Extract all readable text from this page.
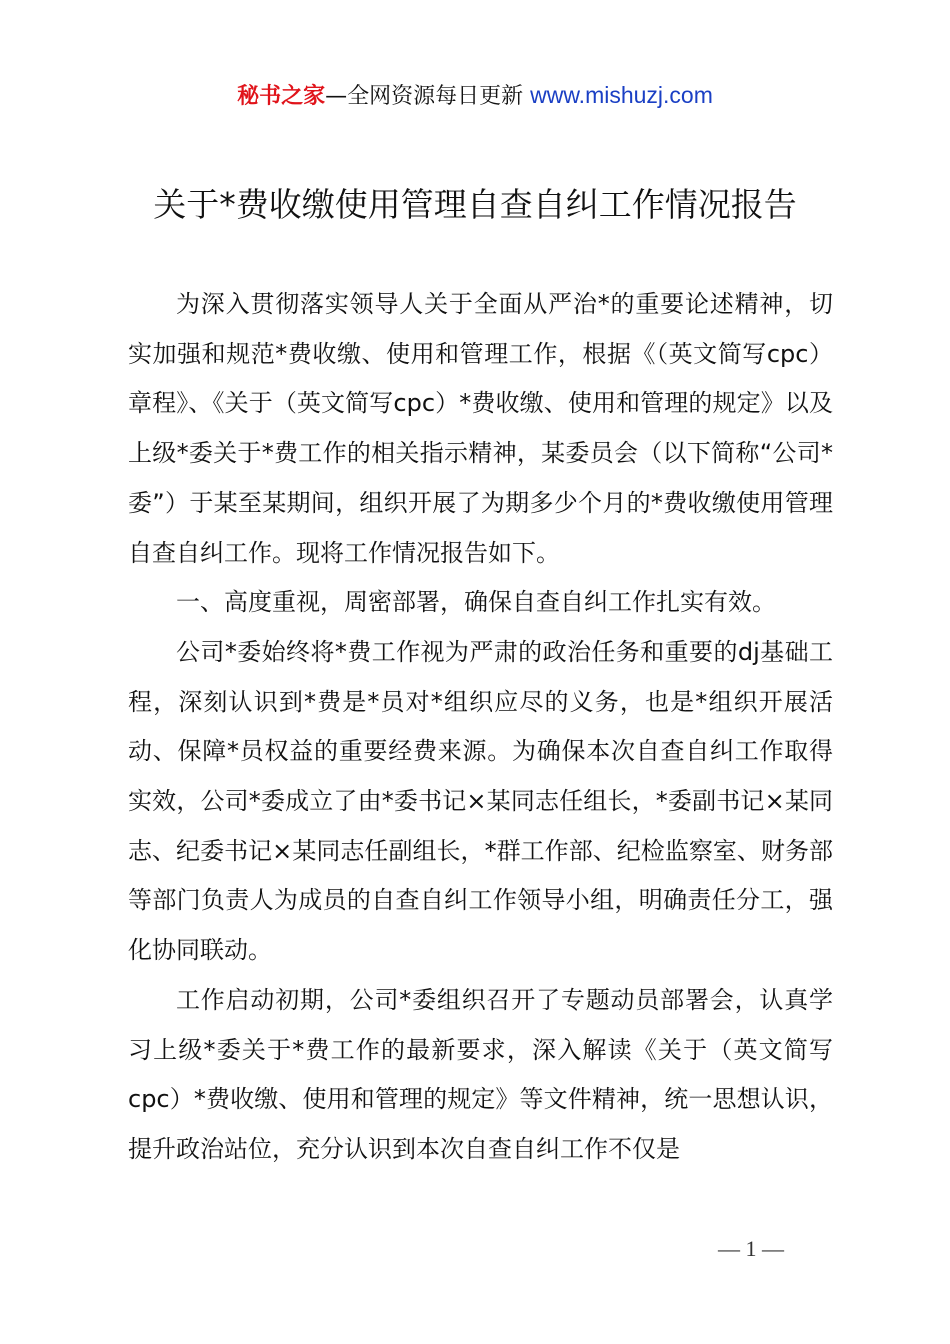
秘书之家—全网资源每日更新 www.mishuzj.com
关于*费收缴使用管理自查自纠工作情况报告

为深入贯彻落实领导人关于全面从严治*的重要论述精神，切实加强和规范*费收缴、使用和管理工作，根据《（英文简写cpc）章程》、《关于（英文简写cpc）*费收缴、使用和管理的规定》以及上级*委关于*费工作的相关指示精神，某委员会（以下简称“公司*委”）于某至某期间，组织开展了为期多少个月的*费收缴使用管理自查自纠工作。现将工作情况报告如下。

一、高度重视，周密部署，确保自查自纠工作扎实有效。

公司*委始终将*费工作视为严肃的政治任务和重要的dj基础工程，深刻认识到*费是*员对*组织应尽的义务，也是*组织开展活动、保障*员权益的重要经费来源。为确保本次自查自纠工作取得实效，公司*委成立了由*委书记×某同志任组长，*委副书记×某同志、纪委书记×某同志任副组长，*群工作部、纪检监察室、财务部等部门负责人为成员的自查自纠工作领导小组，明确责任分工，强化协同联动。

工作启动初期，公司*委组织召开了专题动员部署会，认真学习上级*委关于*费工作的最新要求，深入解读《关于（英文简写cpc）*费收缴、使用和管理的规定》等文件精神，统一思想认识，提升政治站位，充分认识到本次自查自纠工作不仅是

— 1 —
